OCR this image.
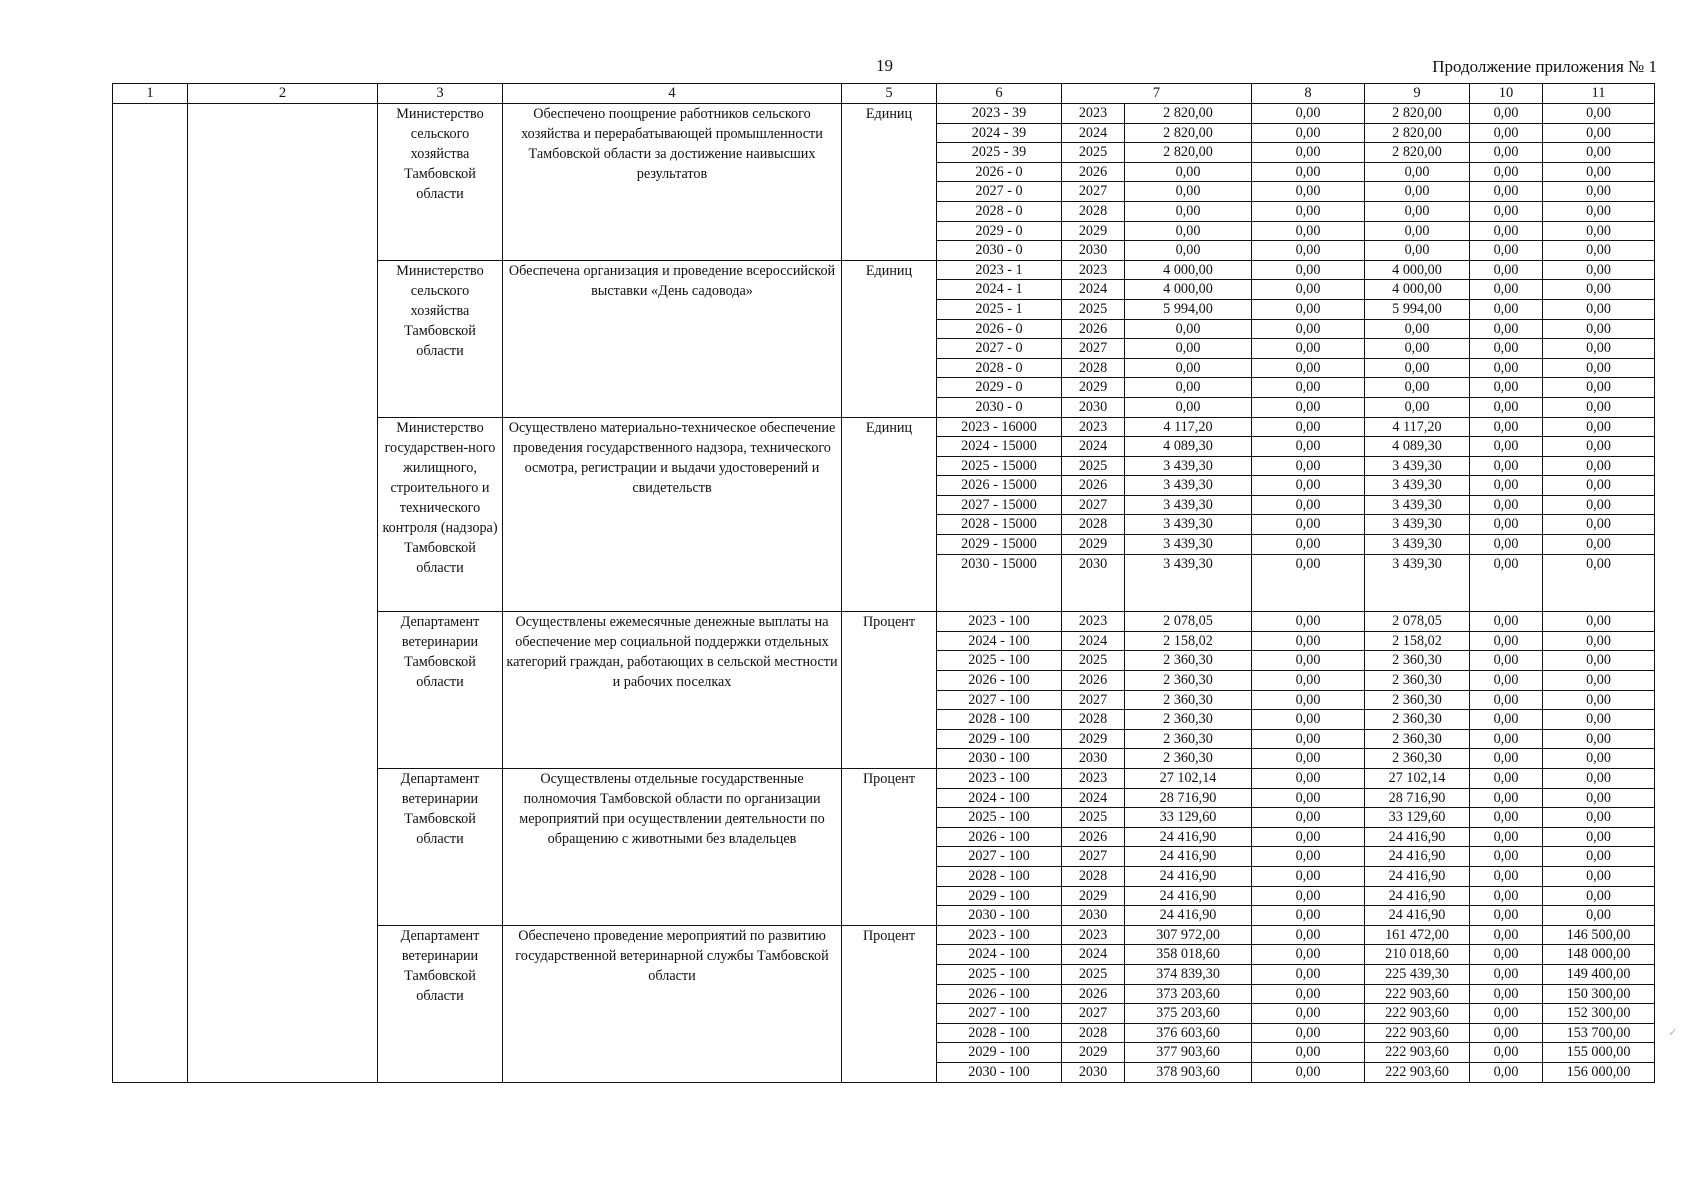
19	Продолжение приложения № 1
1	2	3	4	5	6	7		8	9	10	11
		Министерство сельского хозяйства Тамбовской области	Обеспечено поощрение работников сельского хозяйства и перерабатывающей промышленности Тамбовской области за достижение наивысших результатов	Единиц	2023 - 39	2023	2 820,00	0,00	2 820,00	0,00	0,00
					2024 - 39	2024	2 820,00	0,00	2 820,00	0,00	0,00
					2025 - 39	2025	2 820,00	0,00	2 820,00	0,00	0,00
					2026 - 0	2026	0,00	0,00	0,00	0,00	0,00
					2027 - 0	2027	0,00	0,00	0,00	0,00	0,00
					2028 - 0	2028	0,00	0,00	0,00	0,00	0,00
					2029 - 0	2029	0,00	0,00	0,00	0,00	0,00
					2030 - 0	2030	0,00	0,00	0,00	0,00	0,00
		Министерство сельского хозяйства Тамбовской области	Обеспечена организация и проведение всероссийской выставки «День садовода»	Единиц	2023 - 1	2023	4 000,00	0,00	4 000,00	0,00	0,00
					2024 - 1	2024	4 000,00	0,00	4 000,00	0,00	0,00
					2025 - 1	2025	5 994,00	0,00	5 994,00	0,00	0,00
					2026 - 0	2026	0,00	0,00	0,00	0,00	0,00
					2027 - 0	2027	0,00	0,00	0,00	0,00	0,00
					2028 - 0	2028	0,00	0,00	0,00	0,00	0,00
					2029 - 0	2029	0,00	0,00	0,00	0,00	0,00
					2030 - 0	2030	0,00	0,00	0,00	0,00	0,00
		Министерство государствен-ного жилищного, строительного и технического контроля (надзора) Тамбовской области	Осуществлено материально-техническое обеспечение проведения государственного надзора, технического осмотра, регистрации и выдачи удостоверений и свидетельств	Единиц	2023 - 16000	2023	4 117,20	0,00	4 117,20	0,00	0,00
					2024 - 15000	2024	4 089,30	0,00	4 089,30	0,00	0,00
					2025 - 15000	2025	3 439,30	0,00	3 439,30	0,00	0,00
					2026 - 15000	2026	3 439,30	0,00	3 439,30	0,00	0,00
					2027 - 15000	2027	3 439,30	0,00	3 439,30	0,00	0,00
					2028 - 15000	2028	3 439,30	0,00	3 439,30	0,00	0,00
					2029 - 15000	2029	3 439,30	0,00	3 439,30	0,00	0,00
					2030 - 15000	2030	3 439,30	0,00	3 439,30	0,00	0,00
		Департамент ветеринарии Тамбовской области	Осуществлены ежемесячные денежные выплаты на обеспечение мер социальной поддержки отдельных категорий граждан, работающих в сельской местности и рабочих поселках	Процент	2023 - 100	2023	2 078,05	0,00	2 078,05	0,00	0,00
					2024 - 100	2024	2 158,02	0,00	2 158,02	0,00	0,00
					2025 - 100	2025	2 360,30	0,00	2 360,30	0,00	0,00
					2026 - 100	2026	2 360,30	0,00	2 360,30	0,00	0,00
					2027 - 100	2027	2 360,30	0,00	2 360,30	0,00	0,00
					2028 - 100	2028	2 360,30	0,00	2 360,30	0,00	0,00
					2029 - 100	2029	2 360,30	0,00	2 360,30	0,00	0,00
					2030 - 100	2030	2 360,30	0,00	2 360,30	0,00	0,00
		Департамент ветеринарии Тамбовской области	Осуществлены отдельные государственные полномочия Тамбовской области по организации мероприятий при осуществлении деятельности по обращению с животными без владельцев	Процент	2023 - 100	2023	27 102,14	0,00	27 102,14	0,00	0,00
					2024 - 100	2024	28 716,90	0,00	28 716,90	0,00	0,00
					2025 - 100	2025	33 129,60	0,00	33 129,60	0,00	0,00
					2026 - 100	2026	24 416,90	0,00	24 416,90	0,00	0,00
					2027 - 100	2027	24 416,90	0,00	24 416,90	0,00	0,00
					2028 - 100	2028	24 416,90	0,00	24 416,90	0,00	0,00
					2029 - 100	2029	24 416,90	0,00	24 416,90	0,00	0,00
					2030 - 100	2030	24 416,90	0,00	24 416,90	0,00	0,00
		Департамент ветеринарии Тамбовской области	Обеспечено проведение мероприятий по развитию государственной ветеринарной службы Тамбовской области	Процент	2023 - 100	2023	307 972,00	0,00	161 472,00	0,00	146 500,00
					2024 - 100	2024	358 018,60	0,00	210 018,60	0,00	148 000,00
					2025 - 100	2025	374 839,30	0,00	225 439,30	0,00	149 400,00
					2026 - 100	2026	373 203,60	0,00	222 903,60	0,00	150 300,00
					2027 - 100	2027	375 203,60	0,00	222 903,60	0,00	152 300,00
					2028 - 100	2028	376 603,60	0,00	222 903,60	0,00	153 700,00
					2029 - 100	2029	377 903,60	0,00	222 903,60	0,00	155 000,00
					2030 - 100	2030	378 903,60	0,00	222 903,60	0,00	156 000,00
✓
